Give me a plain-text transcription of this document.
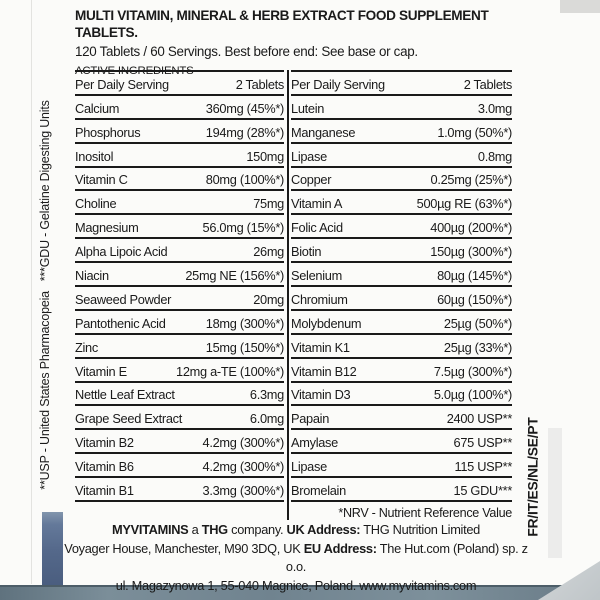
MULTI VITAMIN, MINERAL & HERB EXTRACT FOOD SUPPLEMENT TABLETS.
120 Tablets / 60 Servings. Best before end: See base or cap.
ACTIVE INGREDIENTS
Per Daily Serving	2 Tablets
Calcium	360mg (45%*)
Phosphorus	194mg (28%*)
Inositol	150mg
Vitamin C	80mg (100%*)
Choline	75mg
Magnesium	56.0mg (15%*)
Alpha Lipoic Acid	26mg
Niacin	25mg NE (156%*)
Seaweed Powder	20mg
Pantothenic Acid	18mg (300%*)
Zinc	15mg (150%*)
Vitamin E	12mg a-TE (100%*)
Nettle Leaf Extract	6.3mg
Grape Seed Extract	6.0mg
Vitamin B2	4.2mg (300%*)
Vitamin B6	4.2mg (300%*)
Vitamin B1	3.3mg (300%*)
Per Daily Serving	2 Tablets
Lutein	3.0mg
Manganese	1.0mg (50%*)
Lipase	0.8mg
Copper	0.25mg (25%*)
Vitamin A	500µg RE (63%*)
Folic Acid	400µg (200%*)
Biotin	150µg (300%*)
Selenium	80µg (145%*)
Chromium	60µg (150%*)
Molybdenum	25µg (50%*)
Vitamin K1	25µg (33%*)
Vitamin B12	7.5µg (300%*)
Vitamin D3	5.0µg (100%*)
Papain	2400 USP**
Amylase	675 USP**
Lipase	115 USP**
Bromelain	15 GDU***
*NRV - Nutrient Reference Value
MYVITAMINS a THG company. UK Address: THG Nutrition Limited
Voyager House, Manchester, M90 3DQ, UK EU Address: The Hut.com (Poland) sp. z o.o.
ul. Magazynowa 1, 55-040 Magnice, Poland. www.myvitamins.com
**USP - United States Pharmacopeia   ***GDU - Gelatine Digesting Units	FR/IT/ES/NL/SE/PT
